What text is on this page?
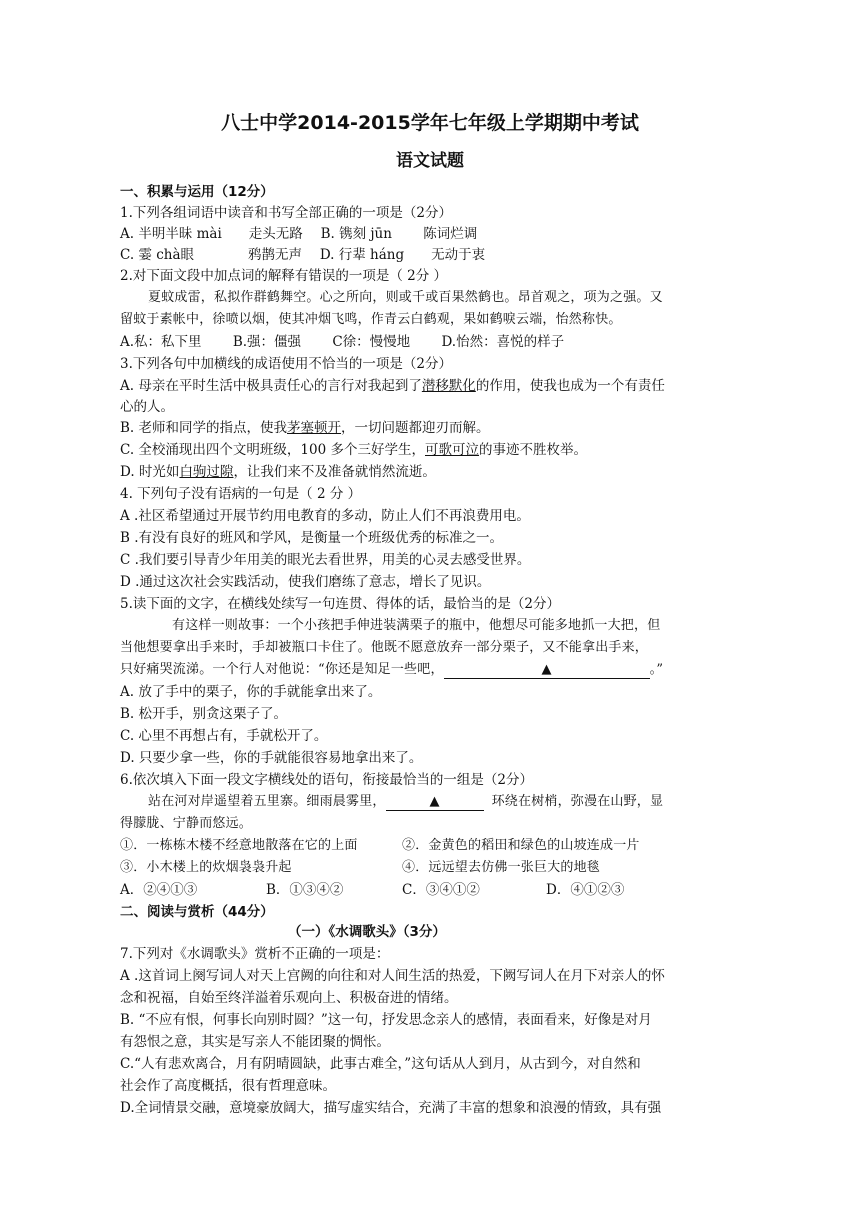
八士中学2014-2015学年七年级上学期期中考试
语文试题
一、积累与运用（12分）
1.下列各组词语中读音和书写全部正确的一项是（2分）
A. 半明半昧 mài　　走头无路　 B. 镌刻 jūn　　 陈词烂调
C. 霎 chà眼　　　　鸦鹊无声　 D. 行辈 háng　　无动于衷
2.对下面文段中加点词的解释有错误的一项是（ 2分 ）
夏蚊成雷，私拟作群鹤舞空。心之所向，则或千或百果然鹤也。昂首观之，项为之强。又
留蚊于素帐中，徐喷以烟，使其冲烟飞鸣，作青云白鹤观，果如鹤唳云端，怡然称快。
A.私：私下里　　 B.强：僵强　　 C徐：慢慢地　　 D.怡然：喜悦的样子
3.下列各句中加横线的成语使用不恰当的一项是（2分）
A. 母亲在平时生活中极具责任心的言行对我起到了潜移默化的作用，使我也成为一个有责任
心的人。
B. 老师和同学的指点，使我茅塞顿开，一切问题都迎刃而解。
C. 全校涌现出四个文明班级，100 多个三好学生，可歌可泣的事迹不胜枚举。
D. 时光如白驹过隙，让我们来不及准备就悄然流逝。
4. 下列句子没有语病的一句是（ 2 分 ）
A .社区希望通过开展节约用电教育的多动，防止人们不再浪费用电。
B .有没有良好的班风和学风，是衡量一个班级优秀的标准之一。
C .我们要引导青少年用美的眼光去看世界，用美的心灵去感受世界。
D .通过这次社会实践活动，使我们磨练了意志，增长了见识。
5.读下面的文字，在横线处续写一句连贯、得体的话，最恰当的是（2分）
有这样一则故事：一个小孩把手伸进装满栗子的瓶中，他想尽可能多地抓一大把，但
当他想要拿出手来时，手却被瓶口卡住了。他既不愿意放弃一部分栗子，又不能拿出手来，
只好痛哭流涕。一个行人对他说：“你还是知足一些吧，	▲	。”
A. 放了手中的栗子，你的手就能拿出来了。
B. 松开手，别贪这栗子了。
C. 心里不再想占有，手就松开了。
D. 只要少拿一些，你的手就能很容易地拿出来了。
6.依次填入下面一段文字横线处的语句，衔接最恰当的一组是（2分）
站在河对岸遥望着五里寨。细雨晨雾里，	▲	环绕在树梢，弥漫在山野，显
得朦胧、宁静而悠远。
①．一栋栋木楼不经意地散落在它的上面	②．金黄色的稻田和绿色的山坡连成一片
③．小木楼上的炊烟袅袅升起	④．远远望去仿佛一张巨大的地毯
A．②④①③	B．①③④②	C．③④①②	D．④①②③
二、阅读与赏析（44分）
（一）《水调歌头》（3分）
7.下列对《水调歌头》赏析不正确的一项是：
A .这首词上阕写词人对天上宫阙的向往和对人间生活的热爱，下阙写词人在月下对亲人的怀
念和祝福，自始至终洋溢着乐观向上、积极奋进的情绪。
B. “不应有恨，何事长向别时圆？”这一句，抒发思念亲人的感情，表面看来，好像是对月
有怨恨之意，其实是写亲人不能团聚的惆怅。
C.“人有悲欢离合，月有阴晴圆缺，此事古难全，”这句话从人到月，从古到今，对自然和
社会作了高度概括，很有哲理意味。
D.全词情景交融，意境豪放阔大，描写虚实结合，充满了丰富的想象和浪漫的情致，具有强
